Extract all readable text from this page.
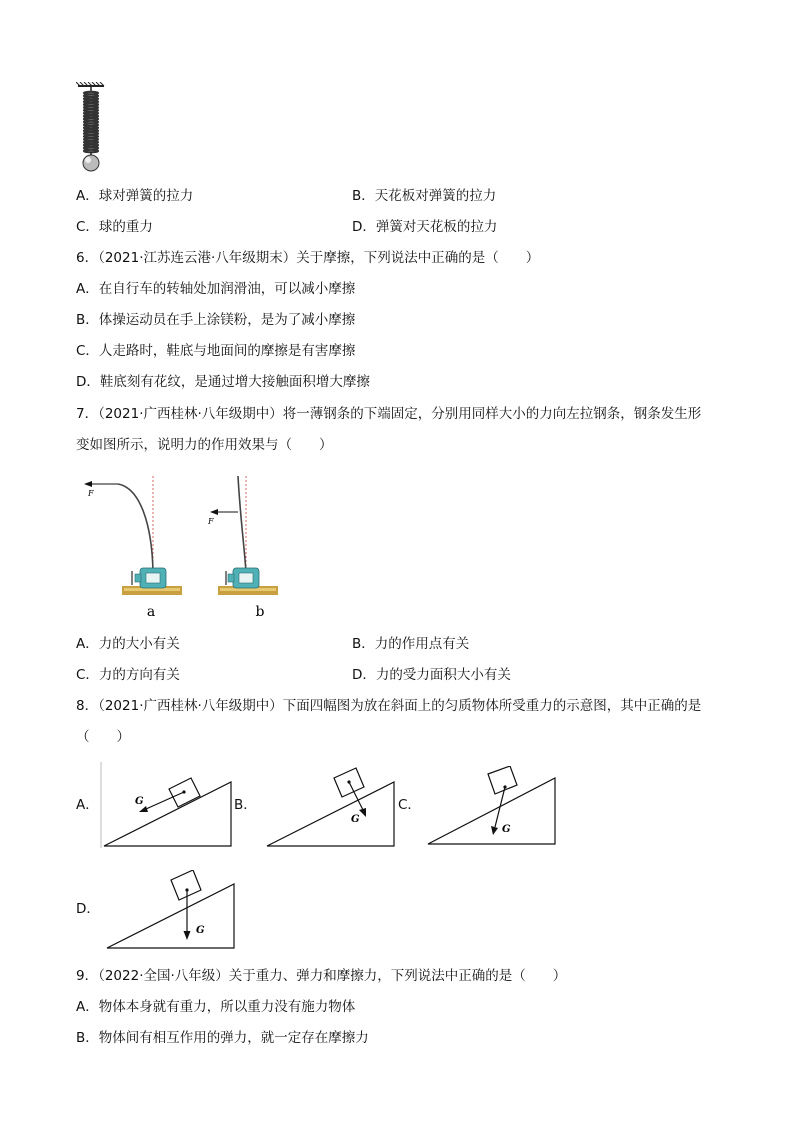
A．球对弹簧的拉力	B．天花板对弹簧的拉力
C．球的重力	D．弹簧对天花板的拉力
6．（2021·江苏连云港·八年级期末）关于摩擦，下列说法中正确的是（　　）
A．在自行车的转轴处加润滑油，可以减小摩擦
B．体操运动员在手上涂镁粉，是为了减小摩擦
C．人走路时，鞋底与地面间的摩擦是有害摩擦
D．鞋底刻有花纹，是通过增大接触面积增大摩擦
7．（2021·广西桂林·八年级期中）将一薄钢条的下端固定，分别用同样大小的力向左拉钢条，钢条发生形
变如图所示，说明力的作用效果与（　　）
F
a
F
b
A．力的大小有关	B．力的作用点有关
C．力的方向有关	D．力的受力面积大小有关
8．（2021·广西桂林·八年级期中）下面四幅图为放在斜面上的匀质物体所受重力的示意图，其中正确的是
（　　）
A．	B．	C．
D．
G
G
G
G
9．（2022·全国·八年级）关于重力、弹力和摩擦力，下列说法中正确的是（　　）
A．物体本身就有重力，所以重力没有施力物体
B．物体间有相互作用的弹力，就一定存在摩擦力
